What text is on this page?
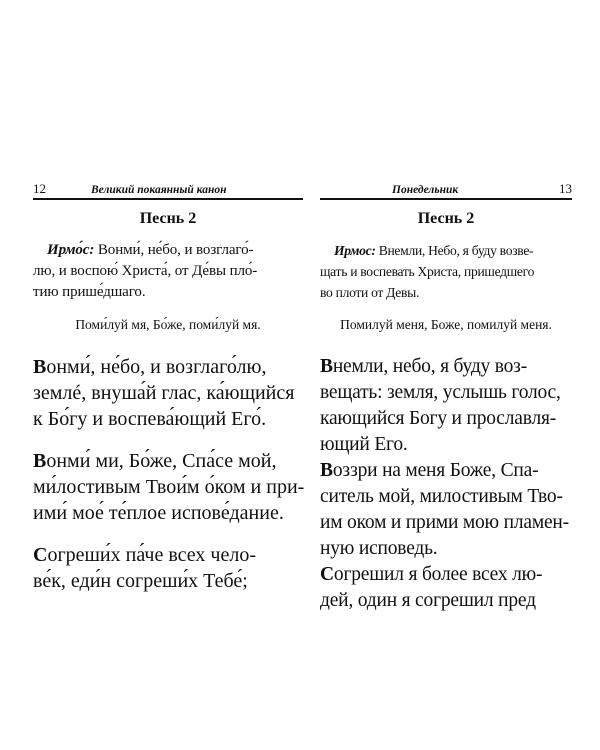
12	Великий покаянный канон
Песнь 2
Ирмо́с: Вонми́, не́бо, и возглаго́-
лю, и воспою́ Христа́, от Де́вы пло́-
тию прише́дшаго.
Поми́луй мя, Бо́же, поми́луй мя.

Вонми́, не́бо, и возглаго́лю,
землé, внуша́й глас, ка́ющийся
к Бо́гу и воспева́ющий Его́.

Вонми́ ми, Бо́же, Спа́се мой,
ми́лостивым Твои́м о́ком и при-
ими́ мое́ те́плое испове́дание.

Согреши́х па́че всех чело-
ве́к, еди́н согреши́х Тебе́;

Понедельник	13
Песнь 2
Ирмос: Внемли, Небо, я буду возве-
щать и воспевать Христа, пришедшего
во плоти от Девы.
Помилуй меня, Боже, помилуй меня.

Внемли, небо, я буду воз-
вещать: земля, услышь голос,
кающийся Богу и прославля-
ющий Его.

Воззри на меня Боже, Спа-
ситель мой, милостивым Тво-
им оком и прими мою пламен-
ную исповедь.

Согрешил я более всех лю-
дей, один я согрешил пред
